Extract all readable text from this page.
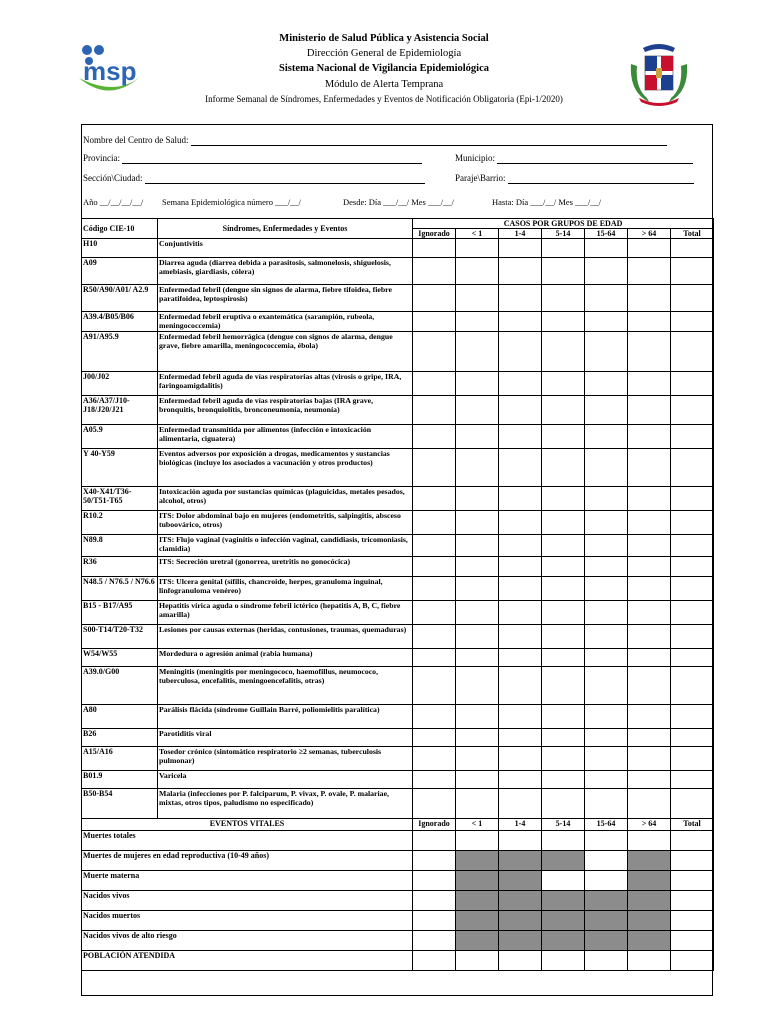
msp
Ministerio de Salud Pública y Asistencia Social
Dirección General de Epidemiología
Sistema Nacional de Vigilancia Epidemiológica
Módulo de Alerta Temprana
Informe Semanal de Síndromes, Enfermedades y Eventos de Notificación Obligatoria (Epi-1/2020)
Nombre del Centro de Salud:
Provincia:	Municipio:
Sección\Ciudad:	Paraje\Barrio:
Año __/__/__/__/ Semana Epidemiológica número ___/__/	Desde: Día ___/__/ Mes ___/__/	Hasta: Día ___/__/ Mes ___/__/
Código CIE-10	Síndromes, Enfermedades y Eventos	CASOS POR GRUPOS DE EDAD						
		Ignorado	< 1	1-4	5-14	15-64	> 64	Total
H10	Conjuntivitis							
A09	Diarrea aguda (diarrea debida a parasitosis, salmonelosis, shiguelosis, amebiasis, giardiasis, cólera)							
R50/A90/A01/ A2.9	Enfermedad febril (dengue sin signos de alarma, fiebre tifoidea, fiebre paratifoidea, leptospirosis)							
A39.4/B05/B06	Enfermedad febril eruptiva o exantemática (sarampión, rubeola, meningococcemia)							
A91/A95.9	Enfermedad febril hemorrágica (dengue con signos de alarma, dengue grave, fiebre amarilla, meningococcemia, ébola)							
J00/J02	Enfermedad febril aguda de vías respiratorias altas (virosis o gripe, IRA, faringoamigdalitis)							
A36/A37/J10-J18/J20/J21	Enfermedad febril aguda de vías respiratorias bajas (IRA grave, bronquitis, bronquiolitis, bronconeumonía, neumonía)							
A05.9	Enfermedad transmitida por alimentos (infección e intoxicación alimentaria, ciguatera)							
Y 40-Y59	Eventos adversos por exposición a drogas, medicamentos y sustancias biológicas (incluye los asociados a vacunación y otros productos)							
X40-X41/T36-50/T51-T65	Intoxicación aguda por sustancias químicas (plaguicidas, metales pesados, alcohol, otros)							
R10.2	ITS: Dolor abdominal bajo en mujeres (endometritis, salpingitis, absceso tuboovárico, otros)							
N89.8	ITS: Flujo vaginal (vaginitis o infección vaginal, candidiasis, tricomoniasis, clamidia)							
R36	ITS: Secreción uretral (gonorrea, uretritis no gonocócica)							
N48.5 / N76.5 / N76.6	ITS: Ulcera genital (sífilis, chancroide, herpes, granuloma inguinal, linfogranuloma venéreo)							
B15 - B17/A95	Hepatitis vírica aguda o síndrome febril ictérico (hepatitis A, B, C, fiebre amarilla)							
S00-T14/T20-T32	Lesiones por causas externas (heridas, contusiones, traumas, quemaduras)							
W54/W55	Mordedura o agresión animal (rabia humana)							
A39.0/G00	Meningitis (meningitis por meningococo, haemofillus, neumococo, tuberculosa, encefalitis, meningoencefalitis, otras)							
A80	Parálisis flácida (síndrome Guillain Barré, poliomielitis paralítica)							
B26	Parotiditis viral							
A15/A16	Tosedor crónico (sintomático respiratorio ≥2 semanas, tuberculosis pulmonar)							
B01.9	Varicela							
B50-B54	Malaria (infecciones por P. falciparum, P. vivax, P. ovale, P. malariae, mixtas, otros tipos, paludismo no especificado)							
EVENTOS VITALES		Ignorado	< 1	1-4	5-14	15-64	> 64	Total
Muertes totales								
Muertes de mujeres en edad reproductiva (10-49 años)								
Muerte materna								
Nacidos vivos								
Nacidos muertos								
Nacidos vivos de alto riesgo								
POBLACIÓN ATENDIDA								
